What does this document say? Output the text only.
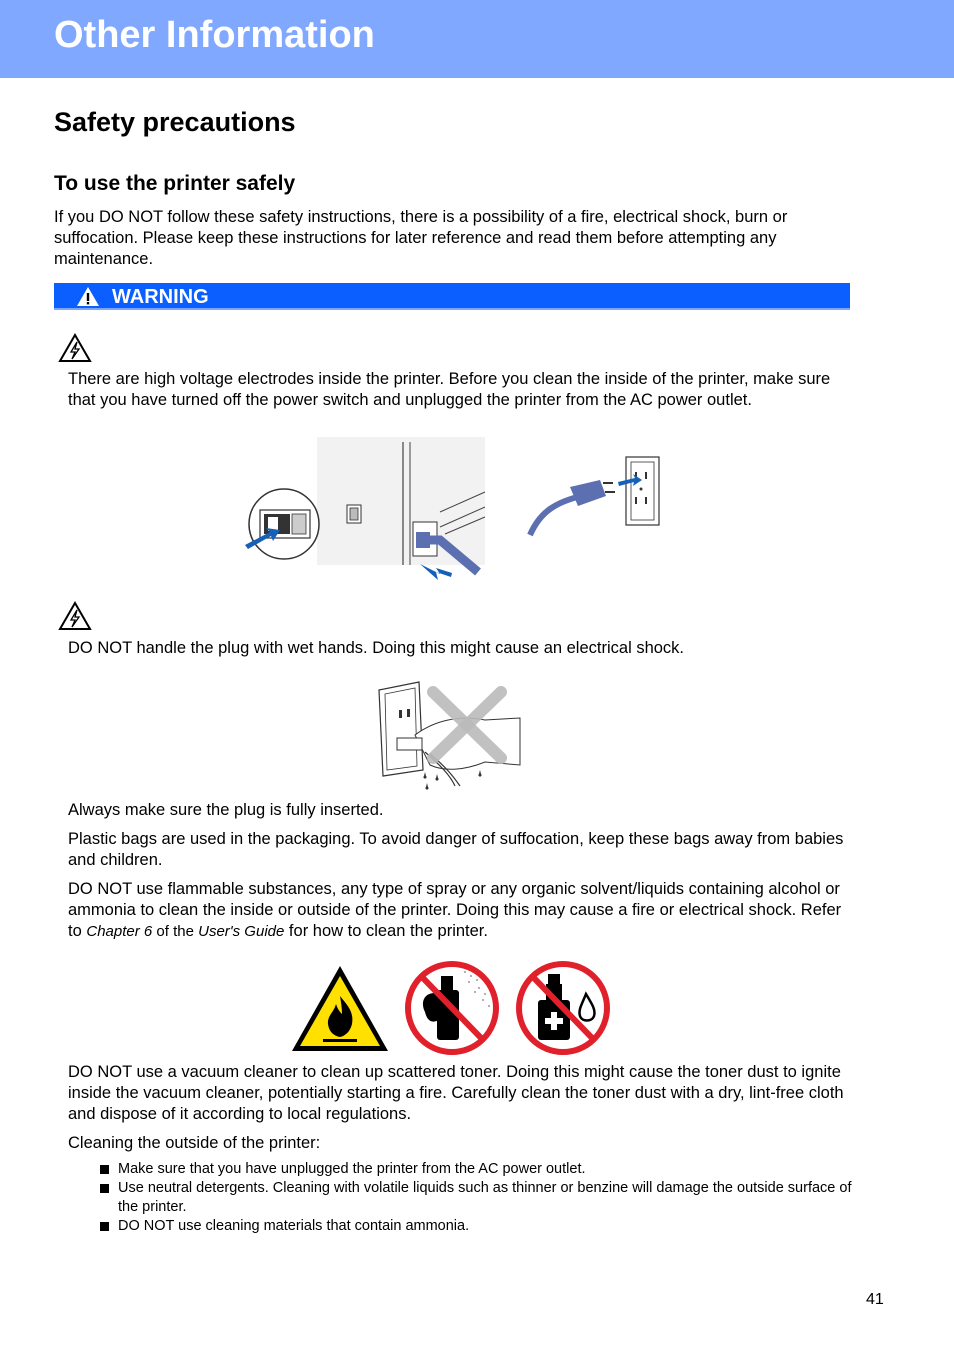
Other Information
Safety precautions
To use the printer safely

If you DO NOT follow these safety instructions, there is a possibility of a fire, electrical shock, burn or suffocation. Please keep these instructions for later reference and read them before attempting any maintenance.

WARNING

There are high voltage electrodes inside the printer. Before you clean the inside of the printer, make sure that you have turned off the power switch and unplugged the printer from the AC power outlet.

DO NOT handle the plug with wet hands. Doing this might cause an electrical shock.

Always make sure the plug is fully inserted.

Plastic bags are used in the packaging. To avoid danger of suffocation, keep these bags away from babies and children.

DO NOT use flammable substances, any type of spray or any organic solvent/liquids containing alcohol or ammonia to clean the inside or outside of the printer. Doing this may cause a fire or electrical shock. Refer to Chapter 6 of the User's Guide for how to clean the printer.

DO NOT use a vacuum cleaner to clean up scattered toner. Doing this might cause the toner dust to ignite inside the vacuum cleaner, potentially starting a fire. Carefully clean the toner dust with a dry, lint-free cloth and dispose of it according to local regulations.

Cleaning the outside of the printer:

Make sure that you have unplugged the printer from the AC power outlet.
Use neutral detergents. Cleaning with volatile liquids such as thinner or benzine will damage the outside surface of the printer.
DO NOT use cleaning materials that contain ammonia.
41
